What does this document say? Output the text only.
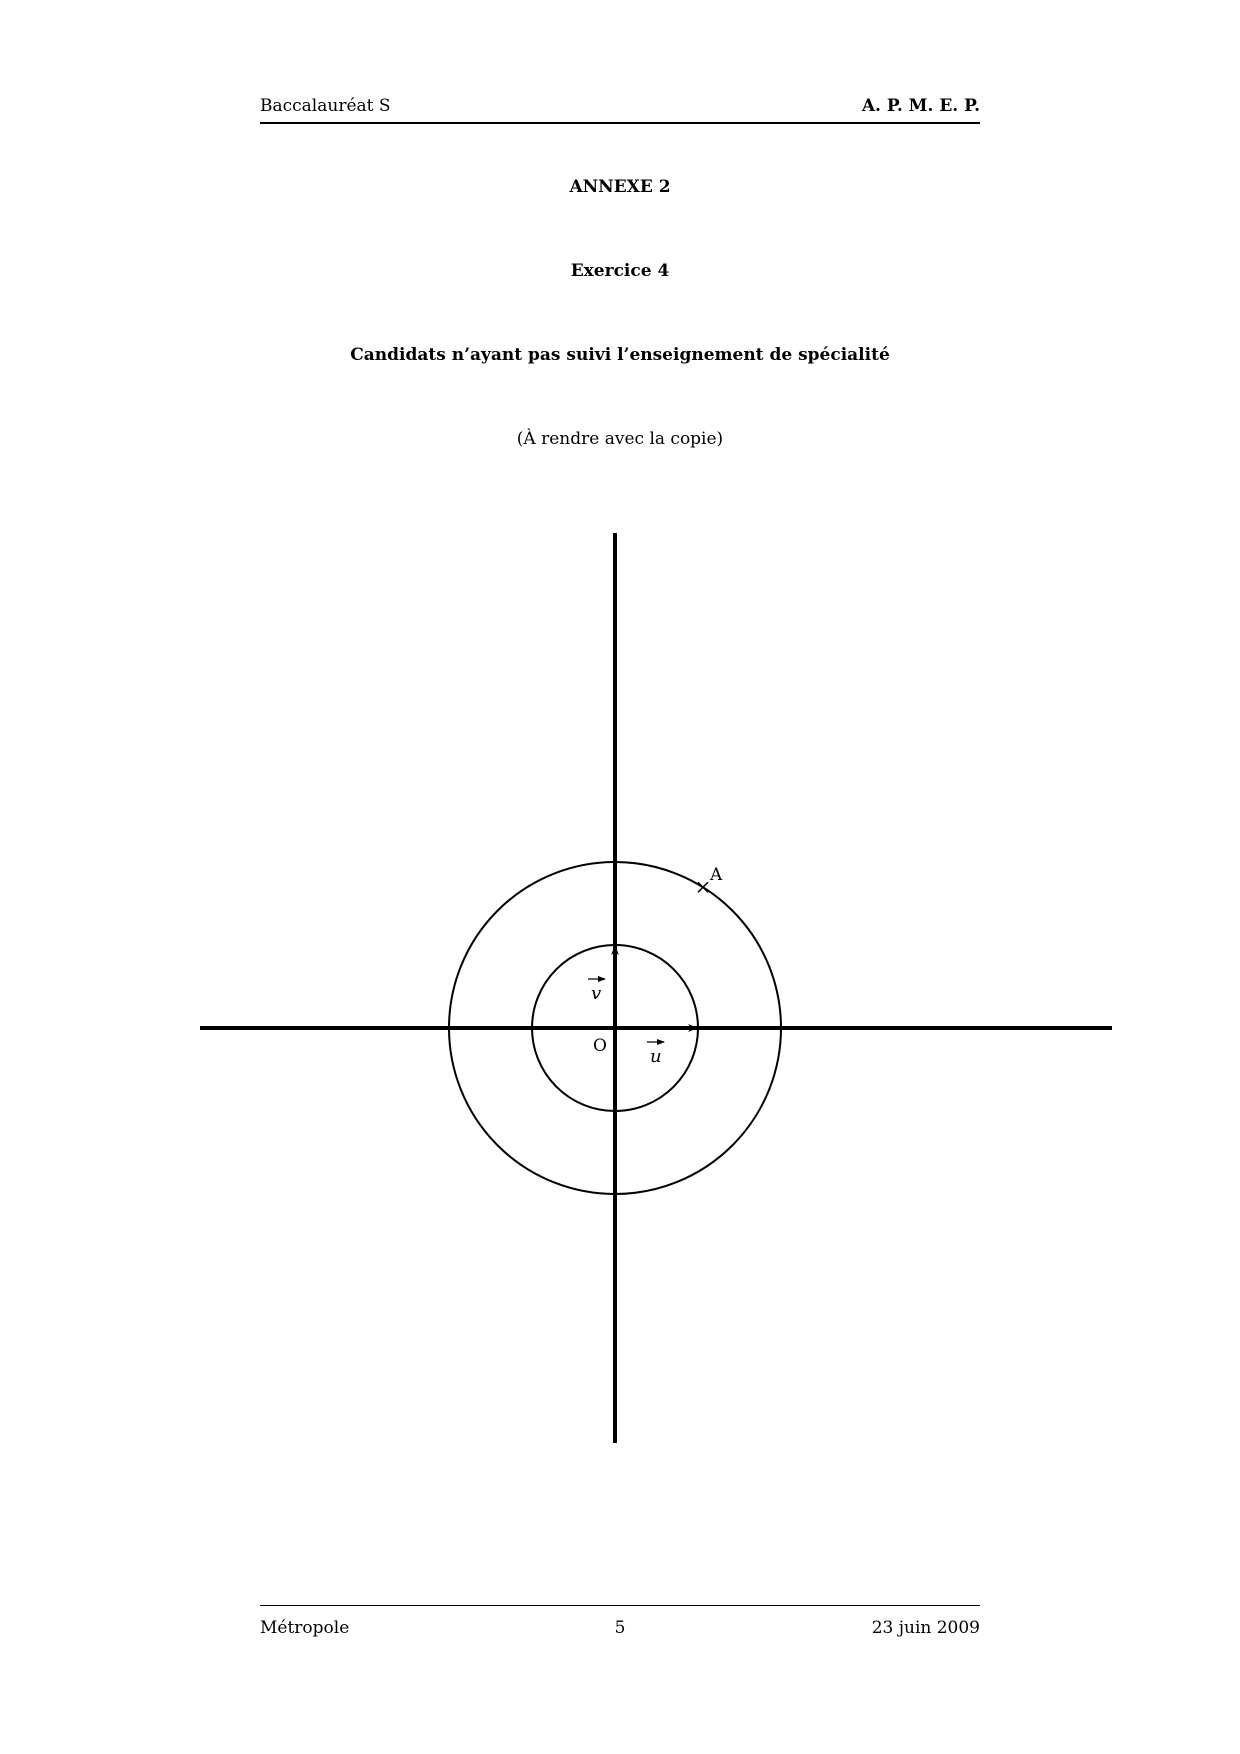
Baccalauréat S	A. P. M. E. P.
ANNEXE 2
Exercice 4
Candidats n’ayant pas suivi l’enseignement de spécialité
(À rendre avec la copie)
A
O
v
u
Métropole	5	23 juin 2009
